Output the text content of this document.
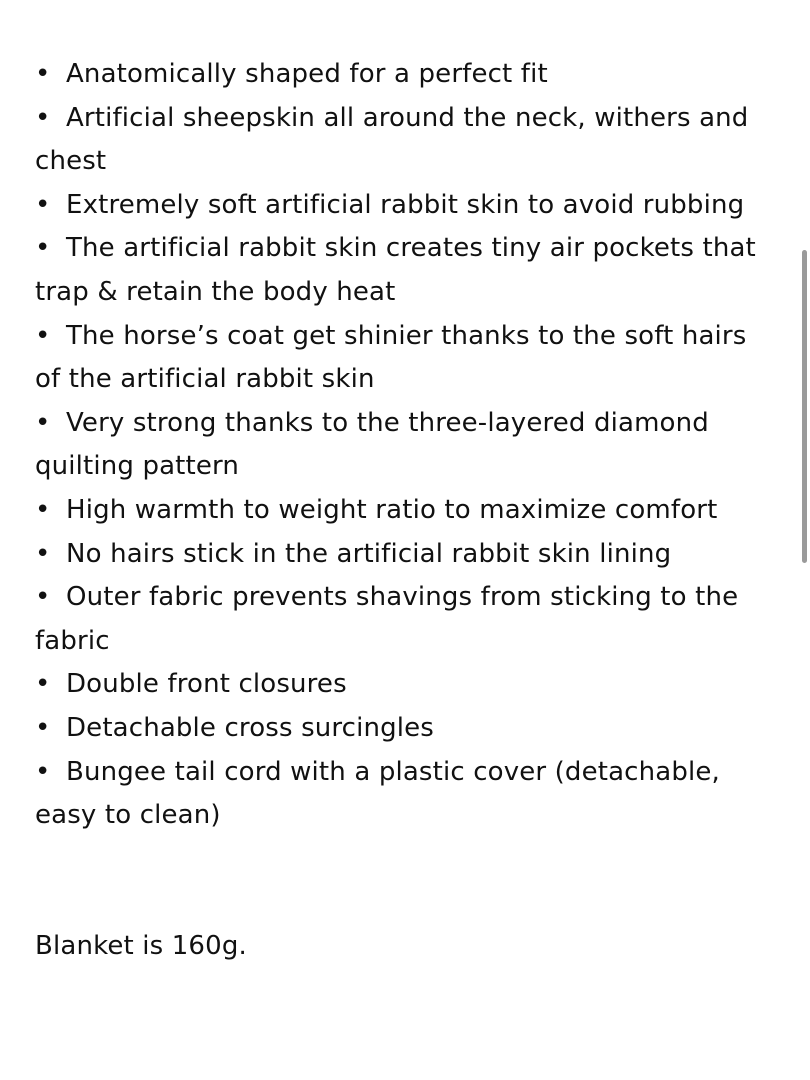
• Anatomically shaped for a perfect fit
• Artificial sheepskin all around the neck, withers and chest
• Extremely soft artificial rabbit skin to avoid rubbing
• The artificial rabbit skin creates tiny air pockets that trap & retain the body heat
• The horse’s coat get shinier thanks to the soft hairs of the artificial rabbit skin
• Very strong thanks to the three-layered diamond quilting pattern
• High warmth to weight ratio to maximize comfort
• No hairs stick in the artificial rabbit skin lining
• Outer fabric prevents shavings from sticking to the fabric
• Double front closures
• Detachable cross surcingles
• Bungee tail cord with a plastic cover (detachable, easy to clean)

Blanket is 160g.
